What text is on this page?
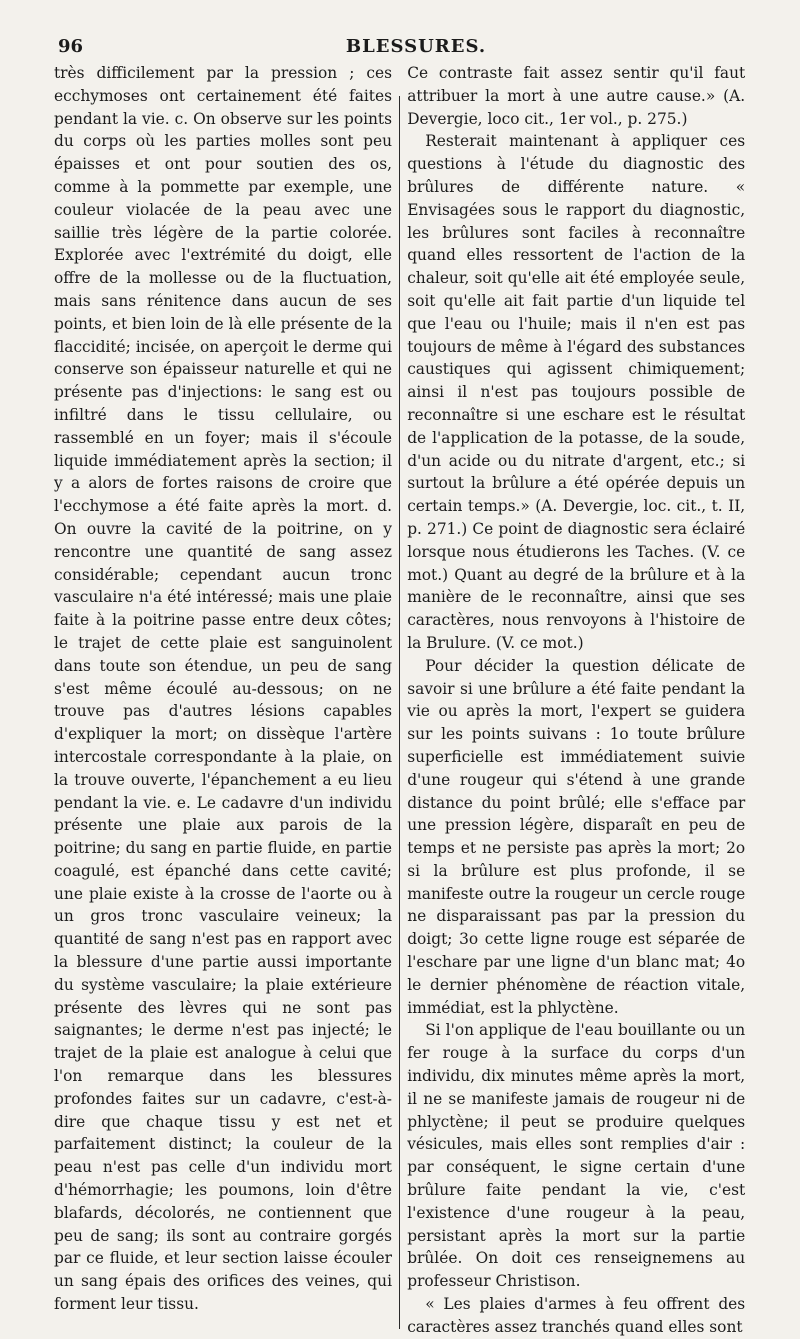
96	BLESSURES.

très difficilement par la pression ; ces ecchymoses ont certainement été faites pendant la vie. c. On observe sur les points du corps où les parties molles sont peu épaisses et ont pour soutien des os, comme à la pommette par exemple, une couleur violacée de la peau avec une saillie très légère de la partie colorée. Explorée avec l'extrémité du doigt, elle offre de la mollesse ou de la fluctuation, mais sans rénitence dans aucun de ses points, et bien loin de là elle présente de la flaccidité; incisée, on aperçoit le derme qui conserve son épaisseur naturelle et qui ne présente pas d'injections: le sang est ou infiltré dans le tissu cellulaire, ou rassemblé en un foyer; mais il s'écoule liquide immédiatement après la section; il y a alors de fortes raisons de croire que l'ecchymose a été faite après la mort. d. On ouvre la cavité de la poitrine, on y rencontre une quantité de sang assez considérable; cependant aucun tronc vasculaire n'a été intéressé; mais une plaie faite à la poitrine passe entre deux côtes; le trajet de cette plaie est sanguinolent dans toute son étendue, un peu de sang s'est même écoulé au-dessous; on ne trouve pas d'autres lésions capables d'expliquer la mort; on dissèque l'artère intercostale correspondante à la plaie, on la trouve ouverte, l'épanchement a eu lieu pendant la vie. e. Le cadavre d'un individu présente une plaie aux parois de la poitrine; du sang en partie fluide, en partie coagulé, est épanché dans cette cavité; une plaie existe à la crosse de l'aorte ou à un gros tronc vasculaire veineux; la quantité de sang n'est pas en rapport avec la blessure d'une partie aussi importante du système vasculaire; la plaie extérieure présente des lèvres qui ne sont pas saignantes; le derme n'est pas injecté; le trajet de la plaie est analogue à celui que l'on remarque dans les blessures profondes faites sur un cadavre, c'est-à-dire que chaque tissu y est net et parfaitement distinct; la couleur de la peau n'est pas celle d'un individu mort d'hémorrhagie; les poumons, loin d'être blafards, décolorés, ne contiennent que peu de sang; ils sont au contraire gorgés par ce fluide, et leur section laisse écouler un sang épais des orifices des veines, qui forment leur tissu.

Ce contraste fait assez sentir qu'il faut attribuer la mort à une autre cause.» (A. Devergie, loco cit., 1er vol., p. 275.)

Resterait maintenant à appliquer ces questions à l'étude du diagnostic des brûlures de différente nature. « Envisagées sous le rapport du diagnostic, les brûlures sont faciles à reconnaître quand elles ressortent de l'action de la chaleur, soit qu'elle ait été employée seule, soit qu'elle ait fait partie d'un liquide tel que l'eau ou l'huile; mais il n'en est pas toujours de même à l'égard des substances caustiques qui agissent chimiquement; ainsi il n'est pas toujours possible de reconnaître si une eschare est le résultat de l'application de la potasse, de la soude, d'un acide ou du nitrate d'argent, etc.; si surtout la brûlure a été opérée depuis un certain temps.» (A. Devergie, loc. cit., t. II, p. 271.) Ce point de diagnostic sera éclairé lorsque nous étudierons les Taches. (V. ce mot.) Quant au degré de la brûlure et à la manière de le reconnaître, ainsi que ses caractères, nous renvoyons à l'histoire de la Brulure. (V. ce mot.)

Pour décider la question délicate de savoir si une brûlure a été faite pendant la vie ou après la mort, l'expert se guidera sur les points suivans : 1o toute brûlure superficielle est immédiatement suivie d'une rougeur qui s'étend à une grande distance du point brûlé; elle s'efface par une pression légère, disparaît en peu de temps et ne persiste pas après la mort; 2o si la brûlure est plus profonde, il se manifeste outre la rougeur un cercle rouge ne disparaissant pas par la pression du doigt; 3o cette ligne rouge est séparée de l'eschare par une ligne d'un blanc mat; 4o le dernier phénomène de réaction vitale, immédiat, est la phlyctène.

Si l'on applique de l'eau bouillante ou un fer rouge à la surface du corps d'un individu, dix minutes même après la mort, il ne se manifeste jamais de rougeur ni de phlyctène; il peut se produire quelques vésicules, mais elles sont remplies d'air : par conséquent, le signe certain d'une brûlure faite pendant la vie, c'est l'existence d'une rougeur à la peau, persistant après la mort sur la partie brûlée. On doit ces renseignemens au professeur Christison.

« Les plaies d'armes à feu offrent des caractères assez tranchés quand elles sont
